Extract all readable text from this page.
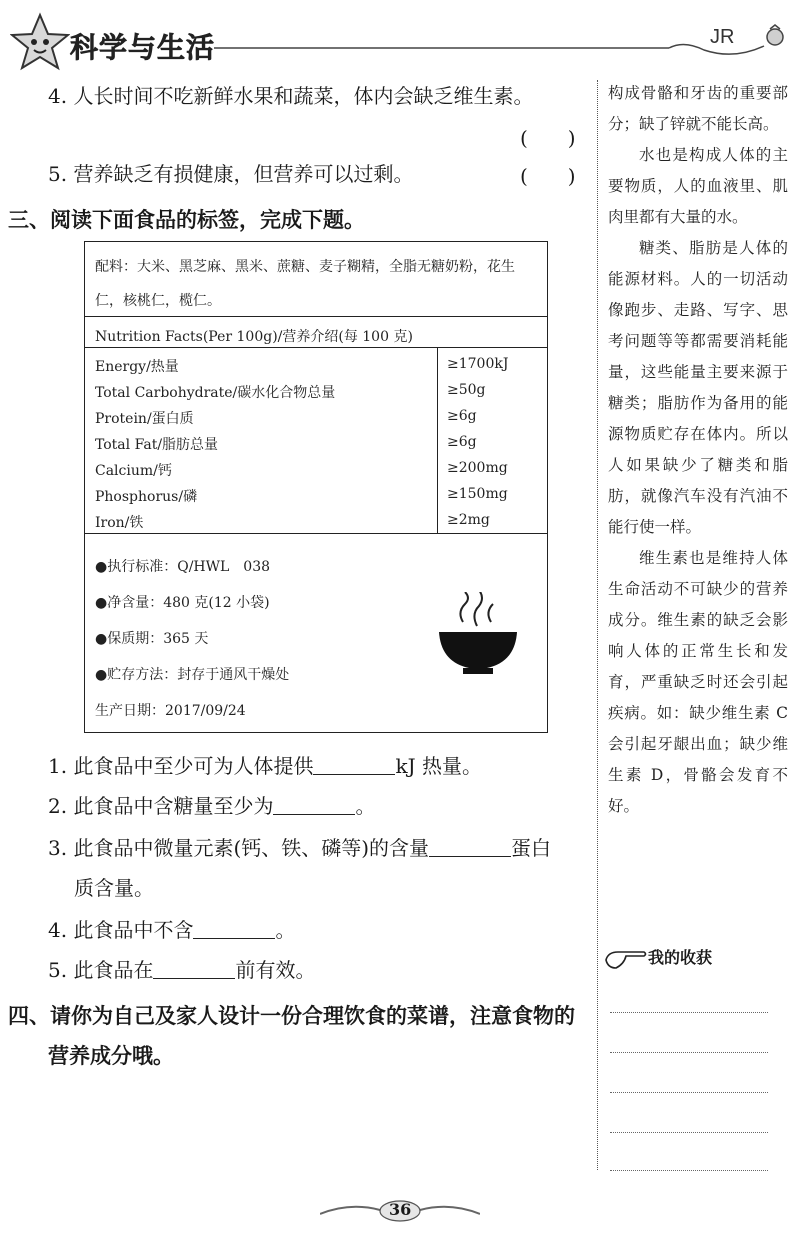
科学与生活	JR
4. 人长时间不吃新鲜水果和蔬菜，体内会缺乏维生素。
(　　)
5. 营养缺乏有损健康，但营养可以过剩。	(　　)
三、阅读下面食品的标签，完成下题。
配料：大米、黑芝麻、黑米、蔗糖、麦子糊精，全脂无糖奶粉，花生
仁，核桃仁，榄仁。
Nutrition Facts(Per 100g)/营养介绍(每 100 克)
Energy/热量	≥1700kJ
Total Carbohydrate/碳水化合物总量	≥50g
Protein/蛋白质	≥6g
Total Fat/脂肪总量	≥6g
Calcium/钙	≥200mg
Phosphorus/磷	≥150mg
Iron/铁	≥2mg
●执行标准：Q/HWL　038
●净含量：480 克(12 小袋)
●保质期：365 天
●贮存方法：封存于通风干燥处
生产日期：2017/09/24
1. 此食品中至少可为人体提供	kJ 热量。
2. 此食品中含糖量至少为	。
3. 此食品中微量元素(钙、铁、磷等)的含量	蛋白
质含量。
4. 此食品中不含	。
5. 此食品在	前有效。
四、请你为自己及家人设计一份合理饮食的菜谱，注意食物的
营养成分哦。

构成骨骼和牙齿的重要部分；缺了锌就不能长高。

水也是构成人体的主要物质，人的血液里、肌肉里都有大量的水。

糖类、脂肪是人体的能源材料。人的一切活动像跑步、走路、写字、思考问题等等都需要消耗能量，这些能量主要来源于糖类；脂肪作为备用的能源物质贮存在体内。所以人如果缺少了糖类和脂肪，就像汽车没有汽油不能行使一样。

维生素也是维持人体生命活动不可缺少的营养成分。维生素的缺乏会影响人体的正常生长和发育，严重缺乏时还会引起疾病。如：缺少维生素 C 会引起牙龈出血；缺少维生素 D，骨骼会发育不好。

我的收获
36
